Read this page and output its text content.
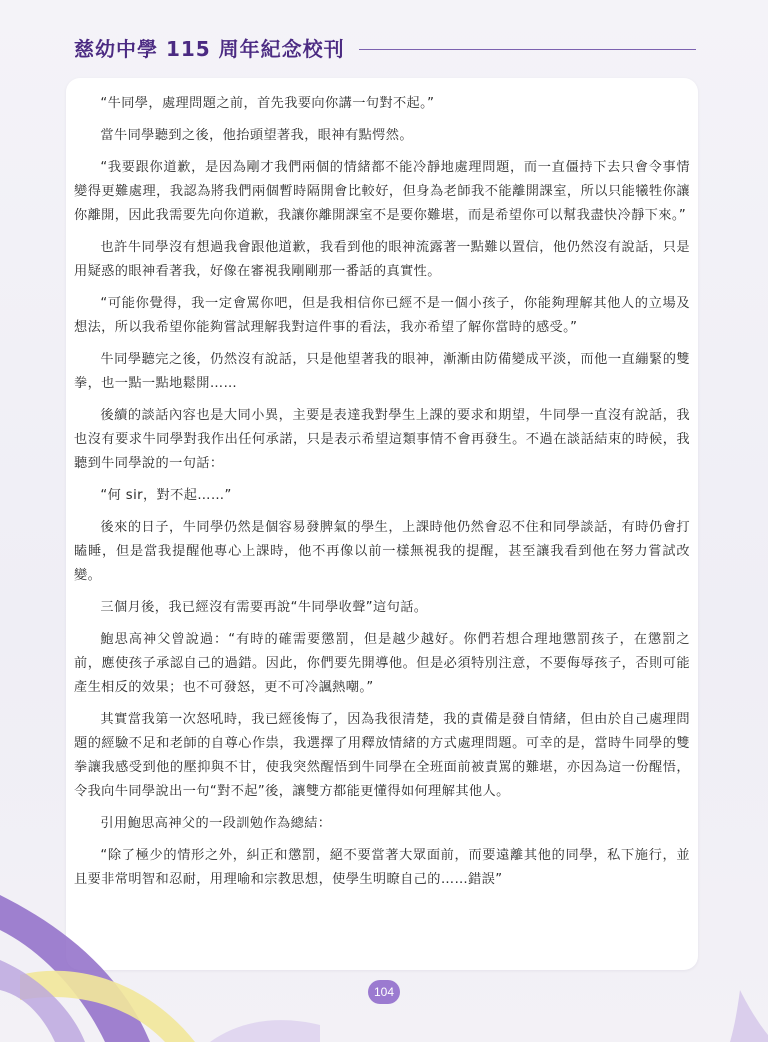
慈幼中學 115 周年紀念校刊

“牛同學，處理問題之前，首先我要向你講一句對不起。”

當牛同學聽到之後，他抬頭望著我，眼神有點愕然。

“我要跟你道歉，是因為剛才我們兩個的情緒都不能冷靜地處理問題，而一直僵持下去只會令事情變得更難處理，我認為將我們兩個暫時隔開會比較好，但身為老師我不能離開課室，所以只能犧牲你讓你離開，因此我需要先向你道歉，我讓你離開課室不是要你難堪，而是希望你可以幫我盡快冷靜下來。”

也許牛同學沒有想過我會跟他道歉，我看到他的眼神流露著一點難以置信，他仍然沒有說話，只是用疑惑的眼神看著我，好像在審視我剛剛那一番話的真實性。

“可能你覺得，我一定會罵你吧，但是我相信你已經不是一個小孩子，你能夠理解其他人的立場及想法，所以我希望你能夠嘗試理解我對這件事的看法，我亦希望了解你當時的感受。”

牛同學聽完之後，仍然沒有說話，只是他望著我的眼神，漸漸由防備變成平淡，而他一直繃緊的雙拳，也一點一點地鬆開……

後續的談話內容也是大同小異，主要是表達我對學生上課的要求和期望，牛同學一直沒有說話，我也沒有要求牛同學對我作出任何承諾，只是表示希望這類事情不會再發生。不過在談話結束的時候，我聽到牛同學說的一句話：

“何 sir，對不起……”

後來的日子，牛同學仍然是個容易發脾氣的學生，上課時他仍然會忍不住和同學談話，有時仍會打瞌睡，但是當我提醒他專心上課時，他不再像以前一樣無視我的提醒，甚至讓我看到他在努力嘗試改變。

三個月後，我已經沒有需要再說“牛同學收聲”這句話。

鮑思高神父曾說過：“有時的確需要懲罰，但是越少越好。你們若想合理地懲罰孩子，在懲罰之前，應使孩子承認自己的過錯。因此，你們要先開導他。但是必須特別注意，不要侮辱孩子，否則可能產生相反的效果；也不可發怒，更不可冷諷熱嘲。”

其實當我第一次怒吼時，我已經後悔了，因為我很清楚，我的責備是發自情緒，但由於自己處理問題的經驗不足和老師的自尊心作祟，我選擇了用釋放情緒的方式處理問題。可幸的是，當時牛同學的雙拳讓我感受到他的壓抑與不甘，使我突然醒悟到牛同學在全班面前被責罵的難堪，亦因為這一份醒悟，令我向牛同學說出一句“對不起”後，讓雙方都能更懂得如何理解其他人。

引用鮑思高神父的一段訓勉作為總結：

“除了極少的情形之外，糾正和懲罰，絕不要當著大眾面前，而要遠離其他的同學，私下施行，並且要非常明智和忍耐，用理喻和宗教思想，使學生明瞭自己的……錯誤”

104
